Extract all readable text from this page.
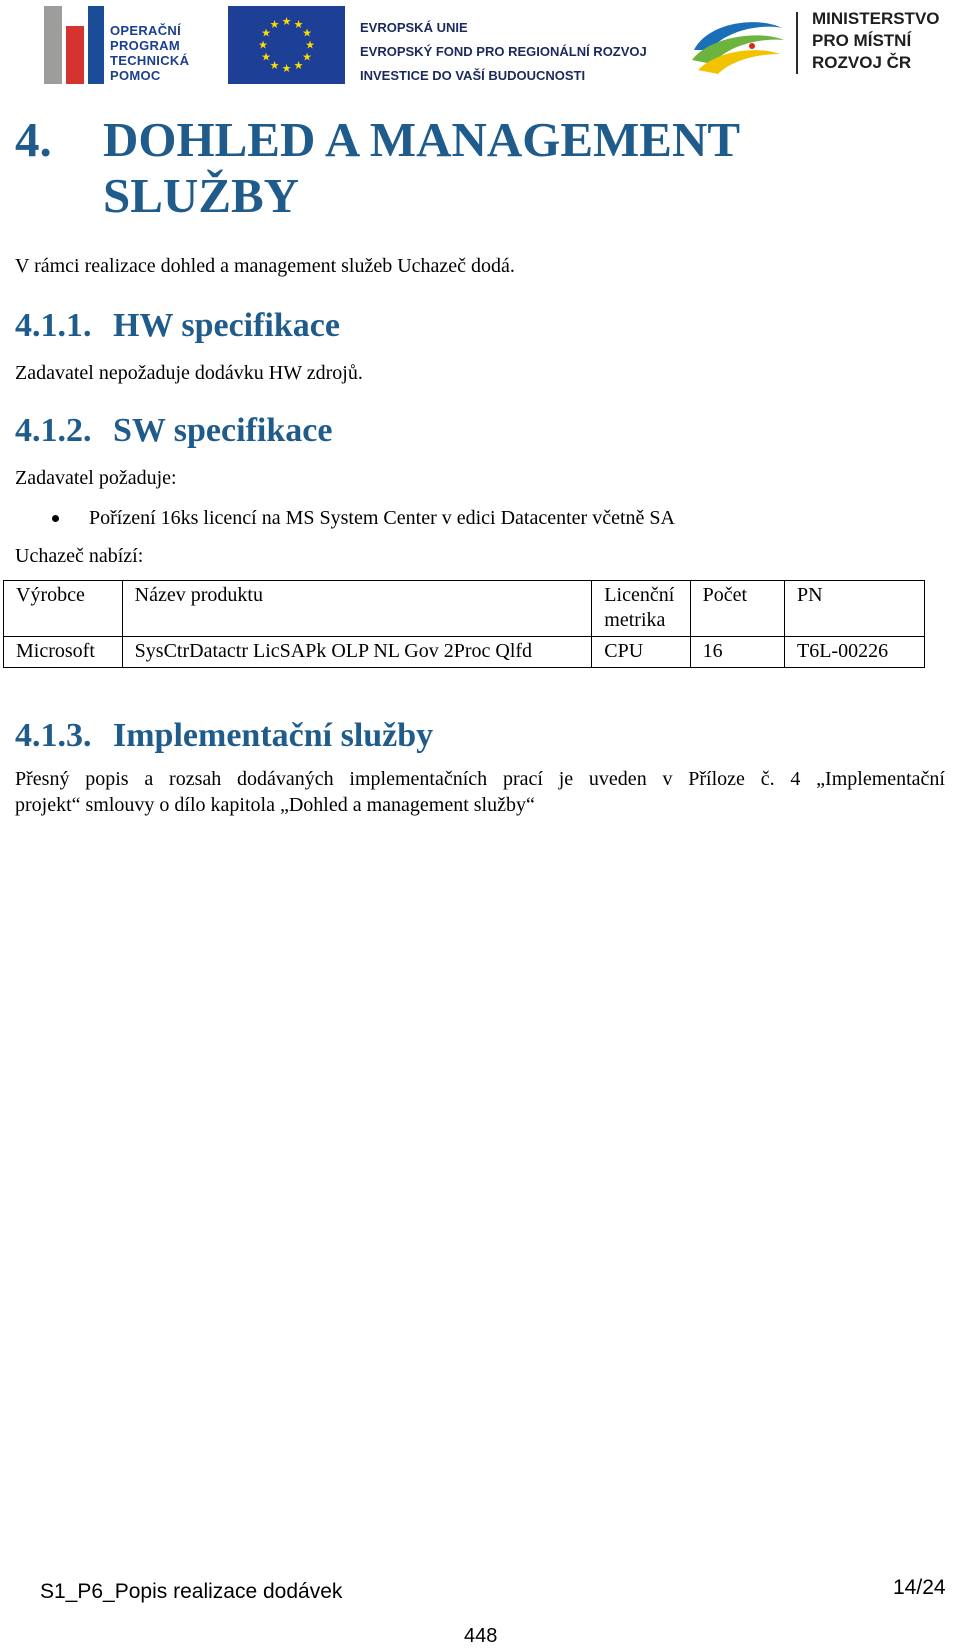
OPERAČNÍ
PROGRAM
TECHNICKÁ
POMOC
★ ★
★
★
★
★
★
★
★
★
★
★	EVROPSKÁ UNIE
EVROPSKÝ FOND PRO REGIONÁLNÍ ROZVOJ
INVESTICE DO VAŠÍ BUDOUCNOSTI
MINISTERSTVO
PRO MÍSTNÍ
ROZVOJ ČR
4. DOHLED A MANAGEMENT
SLUŽBY
V rámci realizace dohled a management služeb Uchazeč dodá.
4.1.1. HW specifikace
Zadavatel nepožaduje dodávku HW zdrojů.
4.1.2. SW specifikace
Zadavatel požaduje:
Pořízení 16ks licencí na MS System Center v edici Datacenter včetně SA
Uchazeč nabízí:
Výrobce	Název produktu	Licenční metrika	Počet	PN
Microsoft	SysCtrDatactr LicSAPk OLP NL Gov 2Proc Qlfd	CPU	16	T6L-00226
4.1.3. Implementační služby
Přesný popis a rozsah dodávaných implementačních prací je uveden v Příloze č. 4 „Implementační
projekt“ smlouvy o dílo kapitola „Dohled a management služby“
S1_P6_Popis realizace dodávek	14/24
448
